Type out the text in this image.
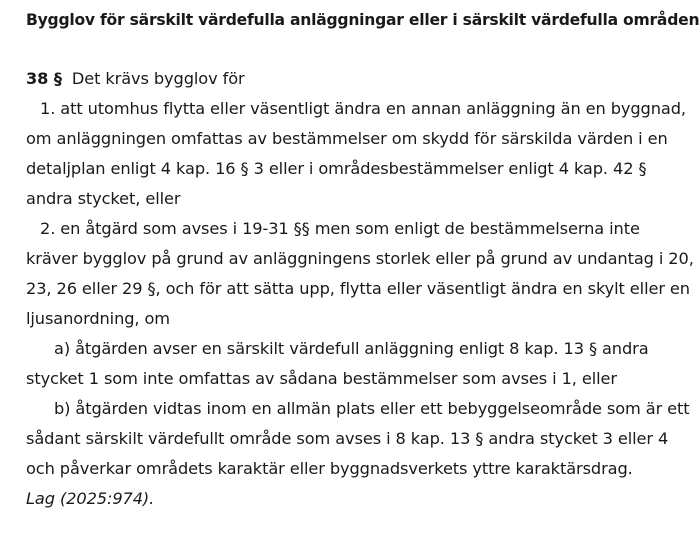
Bygglov för särskilt värdefulla anläggningar eller i särskilt värdefulla områden

38 § Det krävs bygglov för

1. att utomhus flytta eller väsentligt ändra en annan anläggning än en byggnad, om anläggningen omfattas av bestämmelser om skydd för särskilda värden i en detaljplan enligt 4 kap. 16 § 3 eller i områdesbestämmelser enligt 4 kap. 42 § andra stycket, eller

2. en åtgärd som avses i 19-31 §§ men som enligt de bestämmelserna inte kräver bygglov på grund av anläggningens storlek eller på grund av undantag i 20, 23, 26 eller 29 §, och för att sätta upp, flytta eller väsentligt ändra en skylt eller en ljusanordning, om

a) åtgärden avser en särskilt värdefull anläggning enligt 8 kap. 13 § andra stycket 1 som inte omfattas av sådana bestämmelser som avses i 1, eller

b) åtgärden vidtas inom en allmän plats eller ett bebyggelseområde som är ett sådant särskilt värdefullt område som avses i 8 kap. 13 § andra stycket 3 eller 4 och påverkar områdets karaktär eller byggnadsverkets yttre karaktärsdrag.

Lag (2025:974).
